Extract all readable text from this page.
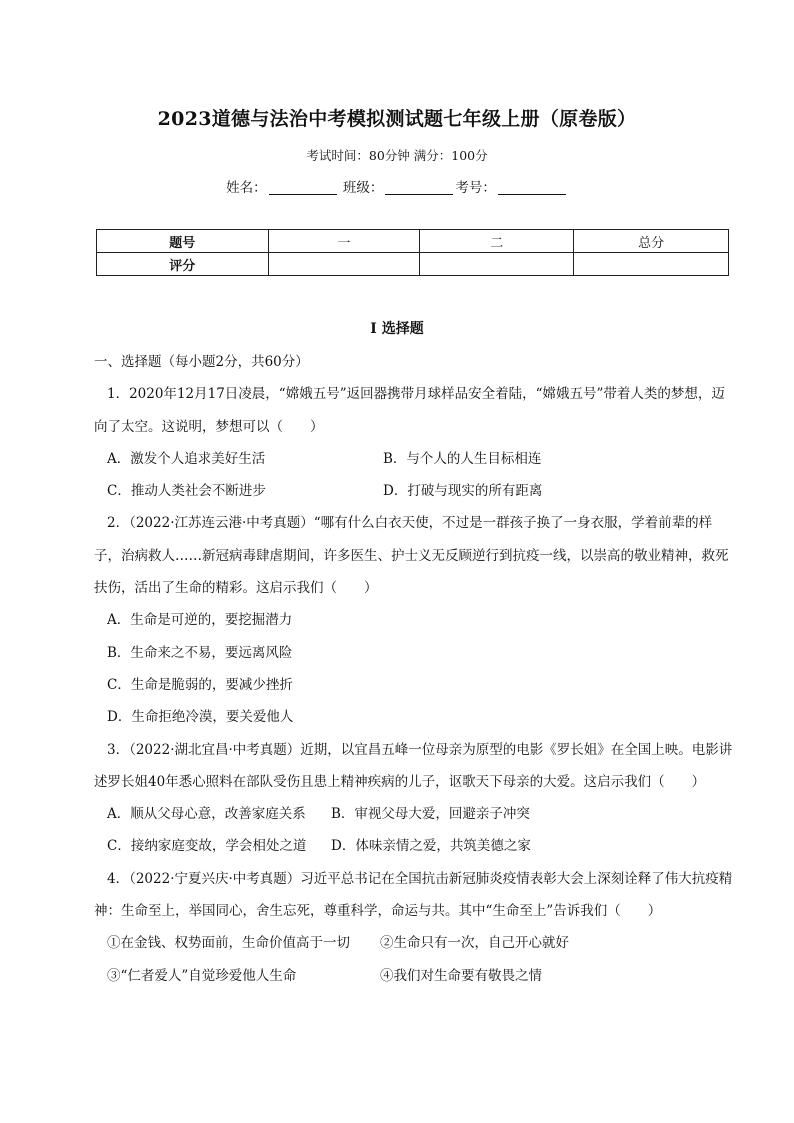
2023道德与法治中考模拟测试题七年级上册（原卷版）
考试时间：80分钟 满分：100分
姓名：	班级：	考号：
题号	一	二	总分
评分			
I 选择题

一、选择题（每小题2分，共60分）

1．2020年12月17日凌晨，“嫦娥五号”返回器携带月球样品安全着陆，“嫦娥五号”带着人类的梦想，迈向了太空。这说明，梦想可以（　　）

A．激发个人追求美好生活	B．与个人的人生目标相连
C．推动人类社会不断进步	D．打破与现实的所有距离

2．（2022·江苏连云港·中考真题）“哪有什么白衣天使，不过是一群孩子换了一身衣服，学着前辈的样子，治病救人……新冠病毒肆虐期间，许多医生、护士义无反顾逆行到抗疫一线，以崇高的敬业精神，救死扶伤，活出了生命的精彩。这启示我们（　　）

A．生命是可逆的，要挖掘潜力

B．生命来之不易，要远离风险

C．生命是脆弱的，要减少挫折

D．生命拒绝冷漠，要关爱他人

3．（2022·湖北宜昌·中考真题）近期，以宜昌五峰一位母亲为原型的电影《罗长姐》在全国上映。电影讲述罗长姐40年悉心照料在部队受伤且患上精神疾病的儿子，讴歌天下母亲的大爱。这启示我们（　　）

A．顺从父母心意，改善家庭关系	B．审视父母大爱，回避亲子冲突
C．接纳家庭变故，学会相处之道	D．体味亲情之爱，共筑美德之家

4．（2022·宁夏兴庆·中考真题）习近平总书记在全国抗击新冠肺炎疫情表彰大会上深刻诠释了伟大抗疫精神：生命至上，举国同心，舍生忘死，尊重科学，命运与共。其中“生命至上”告诉我们（　　）

①在金钱、权势面前，生命价值高于一切	②生命只有一次，自己开心就好
③“仁者爱人”自觉珍爱他人生命	④我们对生命要有敬畏之情
